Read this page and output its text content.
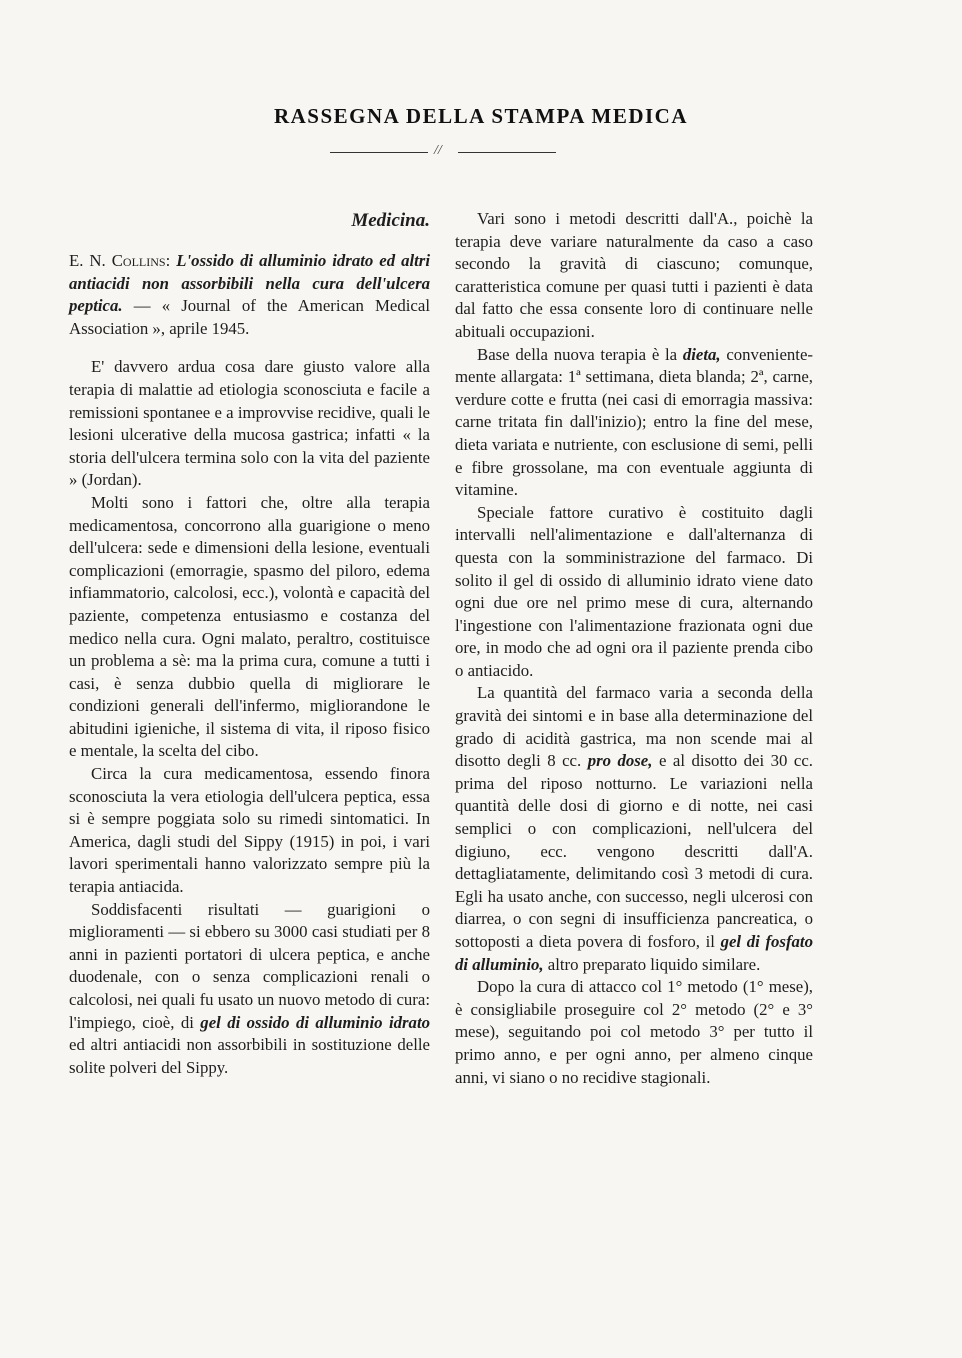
RASSEGNA DELLA STAMPA MEDICA
//
Medicina.

E. N. Collins: L'ossido di alluminio idrato ed altri antiacidi non assorbibili nella cura dell'ulcera peptica. — « Journal of the American Medical Association », aprile 1945.

E' davvero ardua cosa dare giusto valore alla terapia di malattie ad etiologia sconosciuta e facile a remissioni spontanee e a improvvise recidive, quali le lesioni ulcerative della mucosa gastrica; infatti « la storia dell'ulcera termina solo con la vita del paziente » (Jordan).

Molti sono i fattori che, oltre alla terapia medicamentosa, concorrono alla guarigione o meno dell'ulcera: sede e dimensioni della lesione, eventuali complicazioni (emorragie, spasmo del piloro, edema infiammatorio, calcolosi, ecc.), volontà e capacità del paziente, competenza entusiasmo e costanza del medico nella cura. Ogni malato, peraltro, costituisce un problema a sè: ma la prima cura, comune a tutti i casi, è senza dubbio quella di migliorare le condizioni generali dell'infermo, migliorandone le abitudini igieniche, il sistema di vita, il riposo fisico e mentale, la scelta del cibo.

Circa la cura medicamentosa, essendo finora sconosciuta la vera etiologia dell'ulcera peptica, essa si è sempre poggiata solo su rimedi sintomatici. In America, dagli studi del Sippy (1915) in poi, i vari lavori sperimentali hanno valorizzato sempre più la terapia antiacida.

Soddisfacenti risultati — guarigioni o miglioramenti — si ebbero su 3000 casi studiati per 8 anni in pazienti portatori di ulcera peptica, e anche duodenale, con o senza complicazioni renali o calcolosi, nei quali fu usato un nuovo metodo di cura: l'impiego, cioè, di gel di ossido di alluminio idrato ed altri antiacidi non assorbibili in sostituzione delle solite polveri del Sippy.

Vari sono i metodi descritti dall'A., poichè la terapia deve variare naturalmente da caso a caso secondo la gravità di ciascuno; comunque, caratteristica comune per quasi tutti i pazienti è data dal fatto che essa consente loro di continuare nelle abituali occupazioni.

Base della nuova terapia è la dieta, convenientemente allargata: 1ª settimana, dieta blanda; 2ª, carne, verdure cotte e frutta (nei casi di emorragia massiva: carne tritata fin dall'inizio); entro la fine del mese, dieta variata e nutriente, con esclusione di semi, pelli e fibre grossolane, ma con eventuale aggiunta di vitamine.

Speciale fattore curativo è costituito dagli intervalli nell'alimentazione e dall'alternanza di questa con la somministrazione del farmaco. Di solito il gel di ossido di alluminio idrato viene dato ogni due ore nel primo mese di cura, alternando l'ingestione con l'alimentazione frazionata ogni due ore, in modo che ad ogni ora il paziente prenda cibo o antiacido.

La quantità del farmaco varia a seconda della gravità dei sintomi e in base alla determinazione del grado di acidità gastrica, ma non scende mai al disotto degli 8 cc. pro dose, e al disotto dei 30 cc. prima del riposo notturno. Le variazioni nella quantità delle dosi di giorno e di notte, nei casi semplici o con complicazioni, nell'ulcera del digiuno, ecc. vengono descritti dall'A. dettagliatamente, delimitando così 3 metodi di cura. Egli ha usato anche, con successo, negli ulcerosi con diarrea, o con segni di insufficienza pancreatica, o sottoposti a dieta povera di fosforo, il gel di fosfato di alluminio, altro preparato liquido similare.

Dopo la cura di attacco col 1° metodo (1° mese), è consigliabile proseguire col 2° metodo (2° e 3° mese), seguitando poi col metodo 3° per tutto il primo anno, e per ogni anno, per almeno cinque anni, vi siano o no recidive stagionali.
